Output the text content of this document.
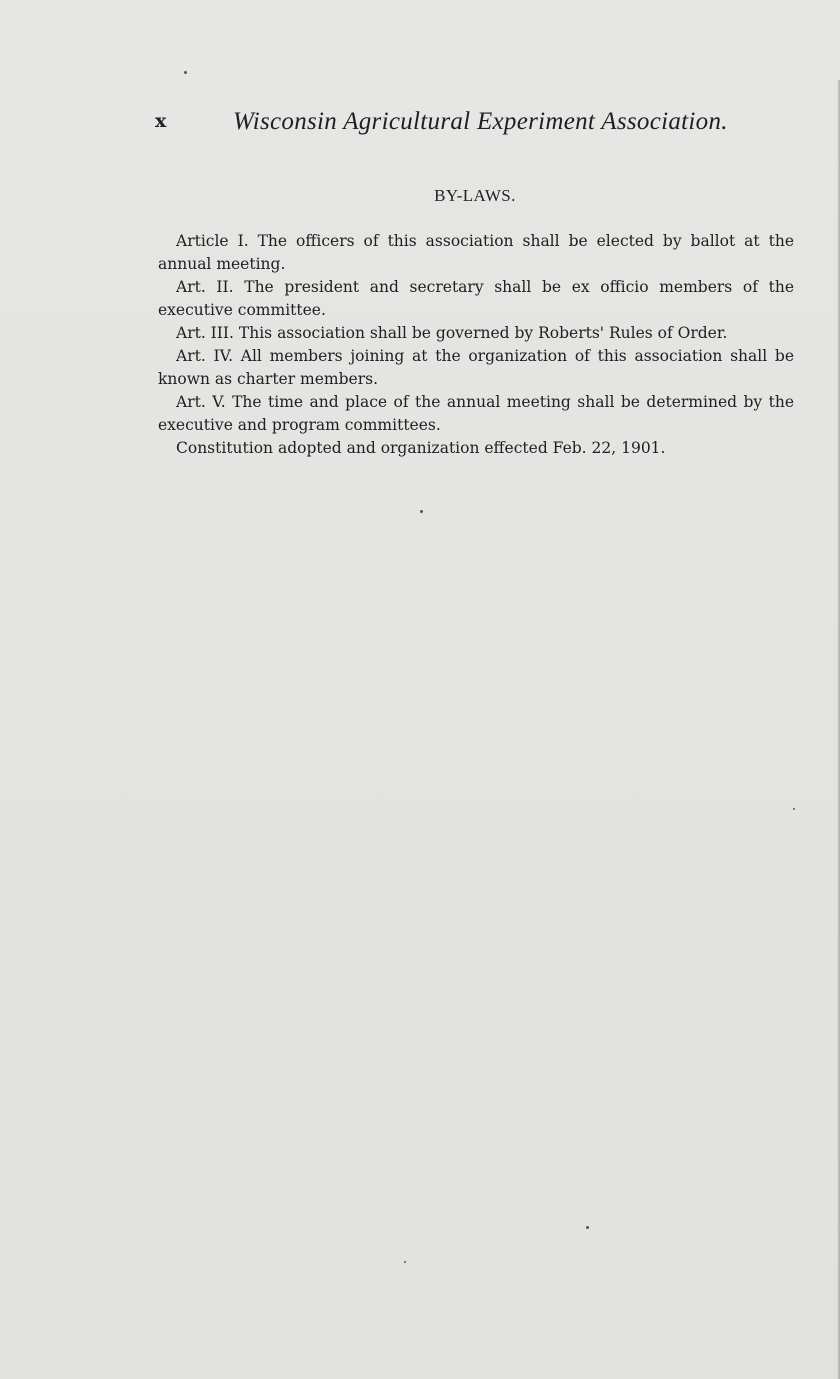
x	Wisconsin Agricultural Experiment Association.
BY-LAWS.

Article I. The officers of this association shall be elected by ballot at the annual meeting.

Art. II. The president and secretary shall be ex officio members of the executive committee.

Art. III. This association shall be governed by Roberts' Rules of Order.

Art. IV. All members joining at the organization of this association shall be known as charter members.

Art. V. The time and place of the annual meeting shall be determined by the executive and program committees.

Constitution adopted and organization effected Feb. 22, 1901.
